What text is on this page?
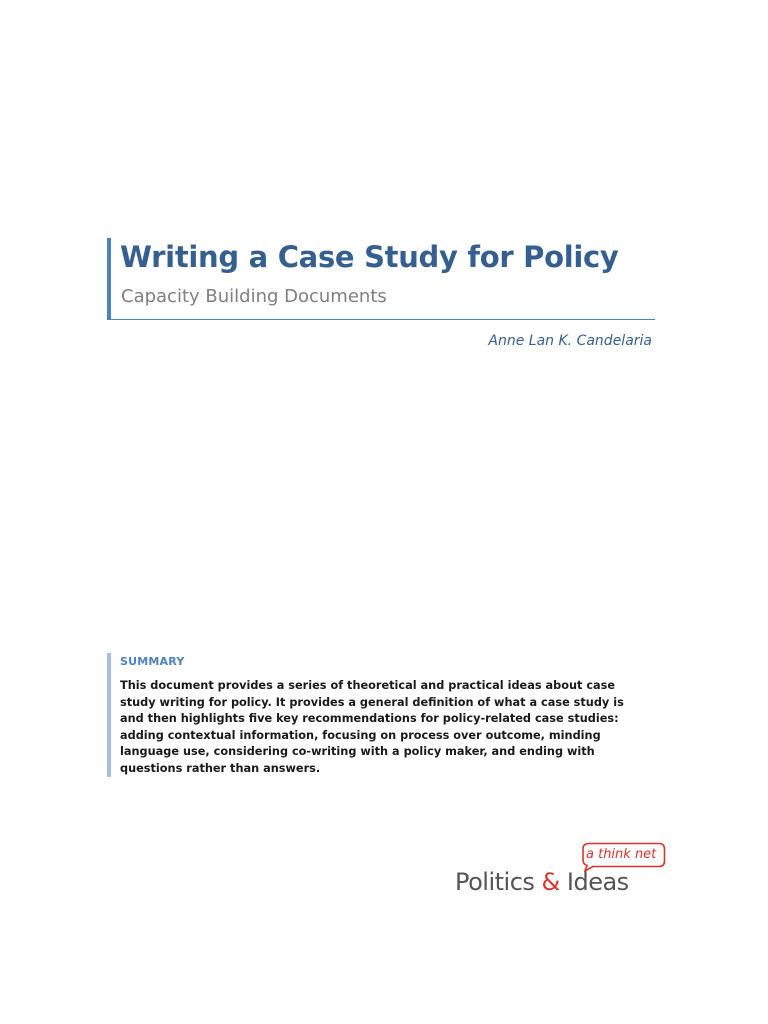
Writing a Case Study for Policy
Capacity Building Documents
Anne Lan K. Candelaria
SUMMARY

This document provides a series of theoretical and practical ideas about case study writing for policy. It provides a general definition of what a case study is and then highlights five key recommendations for policy-related case studies: adding contextual information, focusing on process over outcome, minding language use, considering co-writing with a policy maker, and ending with questions rather than answers.

a think net
Politics & Ideas
